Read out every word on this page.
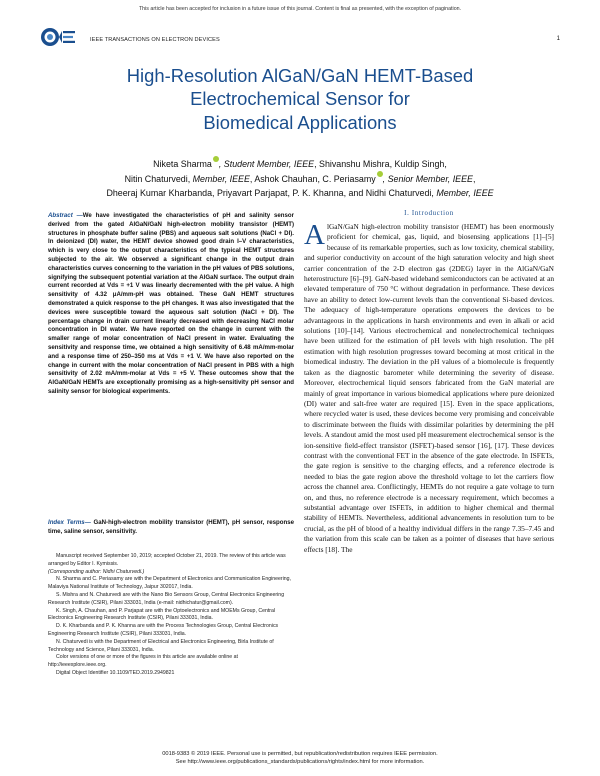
This article has been accepted for inclusion in a future issue of this journal. Content is final as presented, with the exception of pagination.
IEEE TRANSACTIONS ON ELECTRON DEVICES	1
High-Resolution AlGaN/GaN HEMT-Based
Electrochemical Sensor for
Biomedical Applications
Niketa Sharma , Student Member, IEEE, Shivanshu Mishra, Kuldip Singh,
Nitin Chaturvedi, Member, IEEE, Ashok Chauhan, C. Periasamy , Senior Member, IEEE,
Dheeraj Kumar Kharbanda, Priyavart Parjapat, P. K. Khanna, and Nidhi Chaturvedi, Member, IEEE
Abstract —We have investigated the characteristics of pH and salinity sensor derived from the gated AlGaN/GaN high-electron mobility transistor (HEMT) structures in phosphate buffer saline (PBS) and aqueous salt solutions (NaCl + DI). In deionized (DI) water, the HEMT device showed good drain I–V characteristics, which is very close to the output characteristics of the typical HEMT structures subjected to the air. We observed a significant change in the output drain characteristics curves concerning to the variation in the pH values of PBS solutions, signifying the subsequent potential variation at the AlGaN surface. The output drain current recorded at Vds = +1 V was linearly decremented with the pH value. A high sensitivity of 4.32 μA/mm-pH was obtained. These GaN HEMT structures demonstrated a quick response to the pH changes. It was also investigated that the devices were susceptible toward the aqueous salt solution (NaCl + DI). The percentage change in drain current linearly decreased with decreasing NaCl molar concentration in DI water. We have reported on the change in current with the smaller range of molar concentration of NaCl present in water. Evaluating the sensitivity and response time, we obtained a high sensitivity of 6.48 mA/mm-molar and a response time of 250–350 ms at Vds = +1 V. We have also reported on the change in current with the molar concentration of NaCl present in PBS with a high sensitivity of 2.02 mA/mm-molar at Vds = +5 V. These outcomes show that the AlGaN/GaN HEMTs are exceptionally promising as a high-sensitivity pH sensor and salinity sensor for biological experiments.
Index Terms— GaN-high-electron mobility transistor (HEMT), pH sensor, response time, saline sensor, sensitivity.

Manuscript received September 10, 2019; accepted October 21, 2019. The review of this article was arranged by Editor I. Kymissis.

(Corresponding author: Nidhi Chaturvedi.)

N. Sharma and C. Periasamy are with the Department of Electronics and Communication Engineering, Malaviya National Institute of Technology, Jaipur 302017, India.

S. Mishra and N. Chaturvedi are with the Nano Bio Sensors Group, Central Electronics Engineering Research Institute (CSIR), Pilani 333031, India (e-mail: nidhichatur@gmail.com).

K. Singh, A. Chauhan, and P. Parjapat are with the Optoelectronics and MOEMs Group, Central Electronics Engineering Research Institute (CSIR), Pilani 333031, India.

D. K. Kharbanda and P. K. Khanna are with the Process Technologies Group, Central Electronics Engineering Research Institute (CSIR), Pilani 333031, India.

N. Chaturvedi is with the Department of Electrical and Electronics Engineering, Birla Institute of Technology and Science, Pilani 333031, India.

Color versions of one or more of the figures in this article are available online at http://ieeexplore.ieee.org.

Digital Object Identifier 10.1109/TED.2019.2949821

I. Introduction
AlGaN/GaN high-electron mobility transistor (HEMT) has been enormously proficient for chemical, gas, liquid, and biosensing applications [1]–[5] because of its remarkable properties, such as low toxicity, chemical stability, and superior conductivity on account of the high saturation velocity and high sheet carrier concentration of the 2-D electron gas (2DEG) layer in the AlGaN/GaN heterostructure [6]–[9]. GaN-based wideband semiconductors can be activated at an elevated temperature of 750 °C without degradation in performance. These devices have an ability to detect low-current levels than the conventional Si-based devices. The adequacy of high-temperature operations empowers the devices to be advantageous in the applications in harsh environments and even in alkali or acid solutions [10]–[14]. Various electrochemical and nonelectrochemical techniques have been utilized for the estimation of pH levels with high resolution. The pH estimation with high resolution progresses toward becoming at most critical in the biomedical industry. The deviation in the pH values of a biomolecule is frequently taken as the diagnostic barometer while determining the severity of disease. Moreover, electrochemical liquid sensors fabricated from the GaN material are mainly of great importance in various biomedical applications where pure deionized (DI) water and salt-free water are required [15]. Even in the space applications, where recycled water is used, these devices become very promising and conceivable to discriminate between the fluids with dissimilar polarities by determining the pH levels. A standout amid the most used pH measurement electrochemical sensor is the ion-sensitive field-effect transistor (ISFET)-based sensor [16], [17]. These devices contrast with the conventional FET in the absence of the gate electrode. In ISFETs, the gate region is sensitive to the charging effects, and a reference electrode is needed to bias the gate region above the threshold voltage to let the carriers flow across the channel area. Conflictingly, HEMTs do not require a gate voltage to turn on, and thus, no reference electrode is a necessary requirement, which becomes a substantial advantage over ISFETs, in addition to higher chemical and thermal stability of HEMTs. Nevertheless, additional advancements in resolution turn to be crucial, as the pH of blood of a healthy individual differs in the range 7.35–7.45 and the variation from this scale can be taken as a pointer of diseases that have serious effects [18]. The
0018-9383 © 2019 IEEE. Personal use is permitted, but republication/redistribution requires IEEE permission.
See http://www.ieee.org/publications_standards/publications/rights/index.html for more information.
